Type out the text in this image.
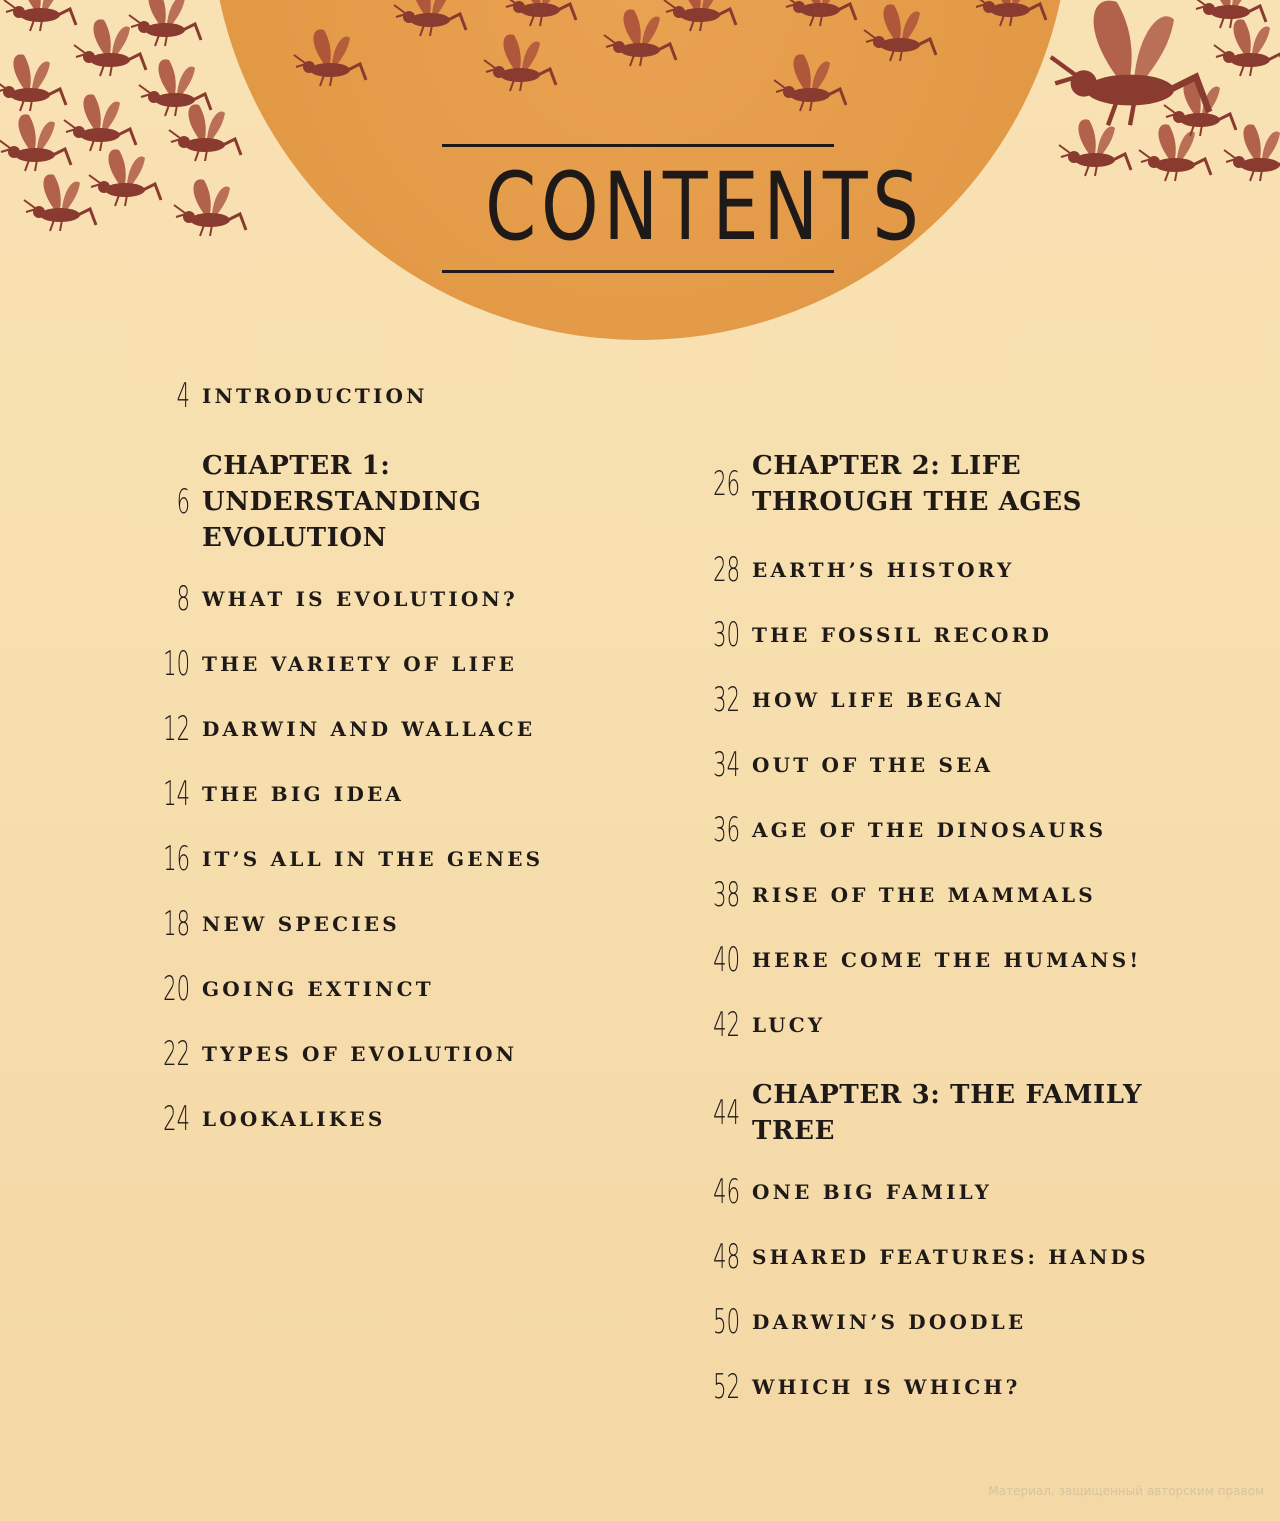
CONTENTS
4 INTRODUCTION
6
CHAPTER 1: UNDERSTANDING EVOLUTION
8 WHAT IS EVOLUTION?
10 THE VARIETY OF LIFE
12 DARWIN AND WALLACE
14 THE BIG IDEA
16 IT’S ALL IN THE GENES
18 NEW SPECIES
20 GOING EXTINCT
22 TYPES OF EVOLUTION
24 LOOKALIKES
26 CHAPTER 2: LIFE THROUGH THE AGES
28 EARTH’S HISTORY
30 THE FOSSIL RECORD
32 HOW LIFE BEGAN
34 OUT OF THE SEA
36 AGE OF THE DINOSAURS
38 RISE OF THE MAMMALS
40 HERE COME THE HUMANS!
42 LUCY
44 CHAPTER 3: THE FAMILY TREE
46 ONE BIG FAMILY
48 SHARED FEATURES: HANDS
50 DARWIN’S DOODLE
52 WHICH IS WHICH?
Материал, защищенный авторским правом
